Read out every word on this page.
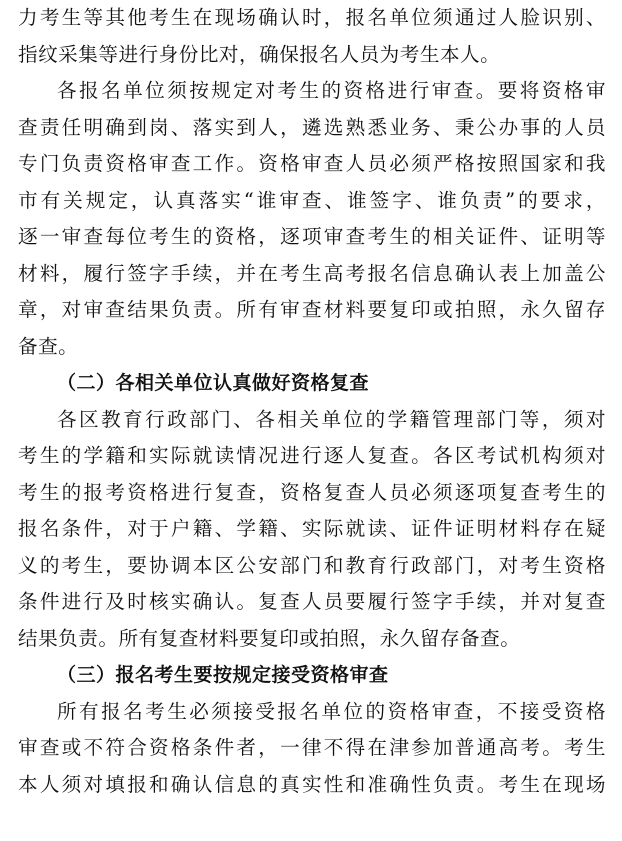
力考生等其他考生在现场确认时，报名单位须通过人脸识别、
指纹采集等进行身份比对，确保报名人员为考生本人。
各报名单位须按规定对考生的资格进行审查。要将资格审
查责任明确到岗、落实到人，遴选熟悉业务、秉公办事的人员
专门负责资格审查工作。资格审查人员必须严格按照国家和我
市有关规定，认真落实“谁审查、谁签字、谁负责”的要求，
逐一审查每位考生的资格，逐项审查考生的相关证件、证明等
材料，履行签字手续，并在考生高考报名信息确认表上加盖公
章，对审查结果负责。所有审查材料要复印或拍照，永久留存
备查。
（二）各相关单位认真做好资格复查
各区教育行政部门、各相关单位的学籍管理部门等，须对
考生的学籍和实际就读情况进行逐人复查。各区考试机构须对
考生的报考资格进行复查，资格复查人员必须逐项复查考生的
报名条件，对于户籍、学籍、实际就读、证件证明材料存在疑
义的考生，要协调本区公安部门和教育行政部门，对考生资格
条件进行及时核实确认。复查人员要履行签字手续，并对复查
结果负责。所有复查材料要复印或拍照，永久留存备查。
（三）报名考生要按规定接受资格审查
所有报名考生必须接受报名单位的资格审查，不接受资格
审查或不符合资格条件者，一律不得在津参加普通高考。考生
本人须对填报和确认信息的真实性和准确性负责。考生在现场
